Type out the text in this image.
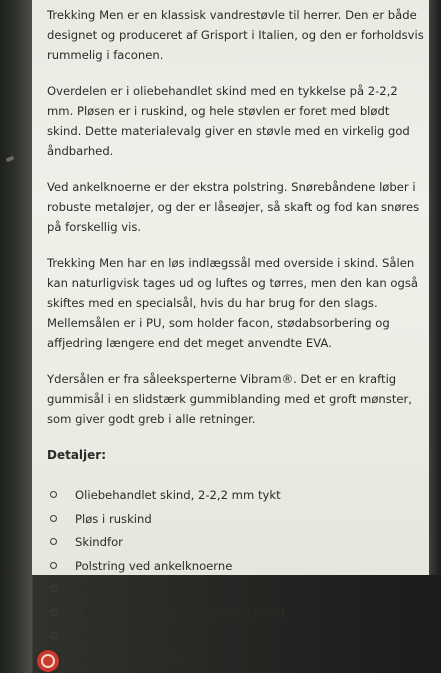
Trekking Men er en klassisk vandrestøvle til herrer. Den er både designet og produceret af Grisport i Italien, og den er forholdsvis rummelig i faconen.

Overdelen er i oliebehandlet skind med en tykkelse på 2-2,2 mm. Pløsen er i ruskind, og hele støvlen er foret med blødt skind. Dette materialevalg giver en støvle med en virkelig god åndbarhed.

Ved ankelknoerne er der ekstra polstring. Snørebåndene løber i robuste metaløjer, og der er låseøjer, så skaft og fod kan snøres på forskellig vis.

Trekking Men har en løs indlægssål med overside i skind. Sålen kan naturligvisk tages ud og luftes og tørres, men den kan også skiftes med en specialsål, hvis du har brug for den slags. Mellemsålen er i PU, som holder facon, stødabsorbering og affjedring længere end det meget anvendte EVA.

Ydersålen er fra såleeksperterne Vibram®. Det er en kraftig gummisål i en slidstærk gummiblanding med et groft mønster, som giver godt greb i alle retninger.

Detaljer:
Oliebehandlet skind, 2-2,2 mm tykt
Pløs i ruskind
Skindfor
Polstring ved ankelknoerne
Låseøjer
Løs indlægssål med overside i skind
Mellemsål i PU
Gummisål fra Vibram®
